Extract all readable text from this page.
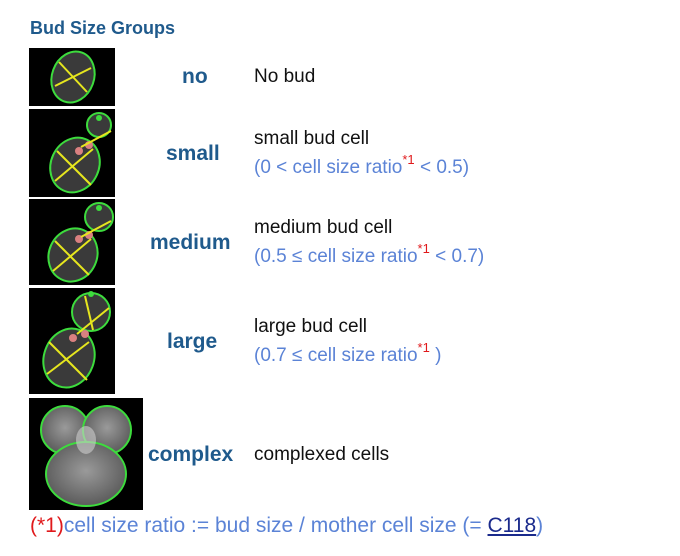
Bud Size Groups
no No bud
small
small bud cell
(0 < cell size ratio$^{*1}$ < 0.5)
medium
medium bud cell
(0.5 ≤ cell size ratio$^{*1}$ < 0.7)
large
large bud cell
(0.7 ≤ cell size ratio$^{*1}$ )
complex complexed cells
(*1)cell size ratio := bud size / mother cell size (= C118)
